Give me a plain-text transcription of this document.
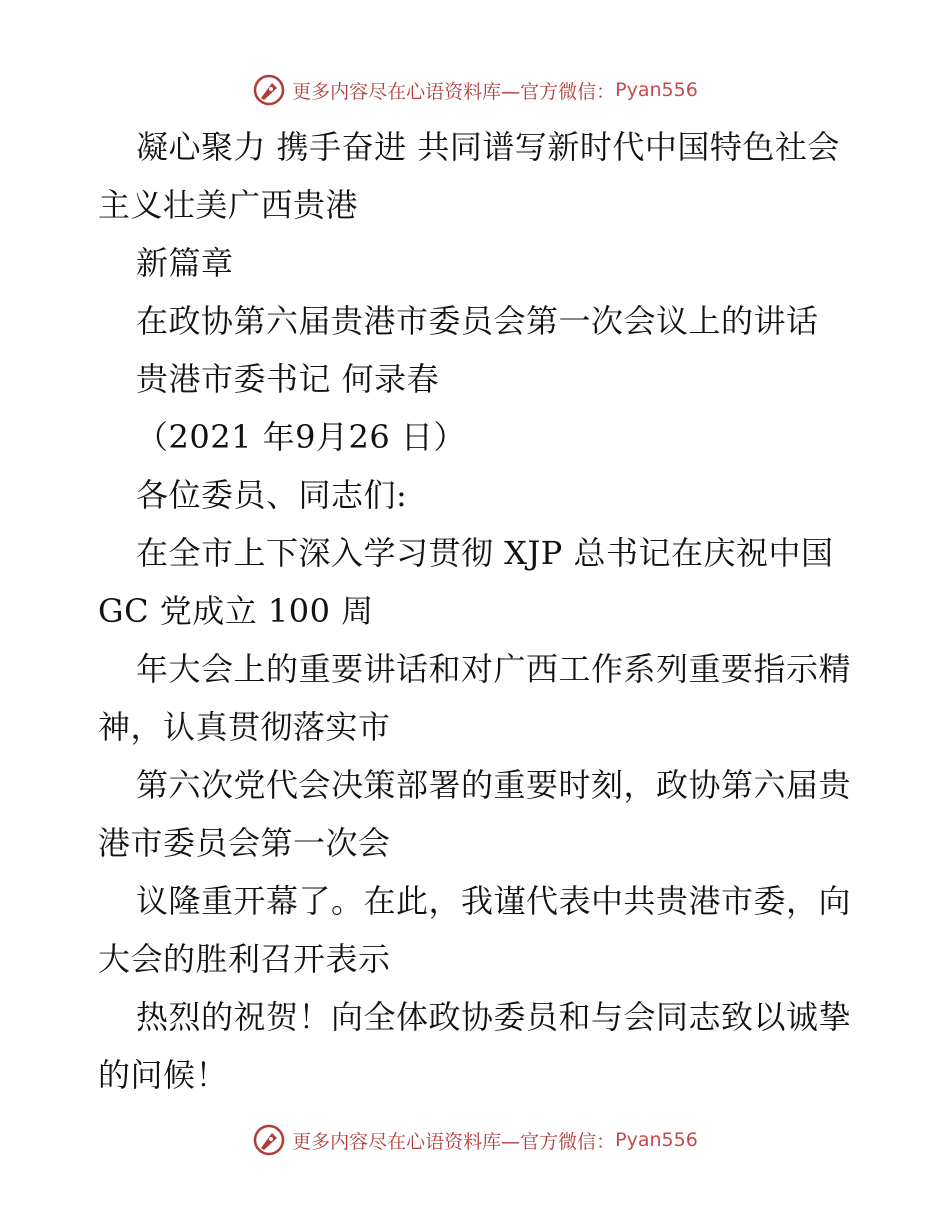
更多内容尽在心语资料库—官方微信： Pyan556

凝心聚力 携手奋进 共同谱写新时代中国特色社会主义壮美广西贵港

新篇章

在政协第六届贵港市委员会第一次会议上的讲话

贵港市委书记 何录春

（2021 年9月26 日）

各位委员、同志们:

在全市上下深入学习贯彻 XJP 总书记在庆祝中国 GC 党成立 100 周

年大会上的重要讲话和对广西工作系列重要指示精神，认真贯彻落实市

第六次党代会决策部署的重要时刻，政协第六届贵港市委员会第一次会

议隆重开幕了。在此，我谨代表中共贵港市委，向大会的胜利召开表示

热烈的祝贺！向全体政协委员和与会同志致以诚挚的问候！

更多内容尽在心语资料库—官方微信： Pyan556
